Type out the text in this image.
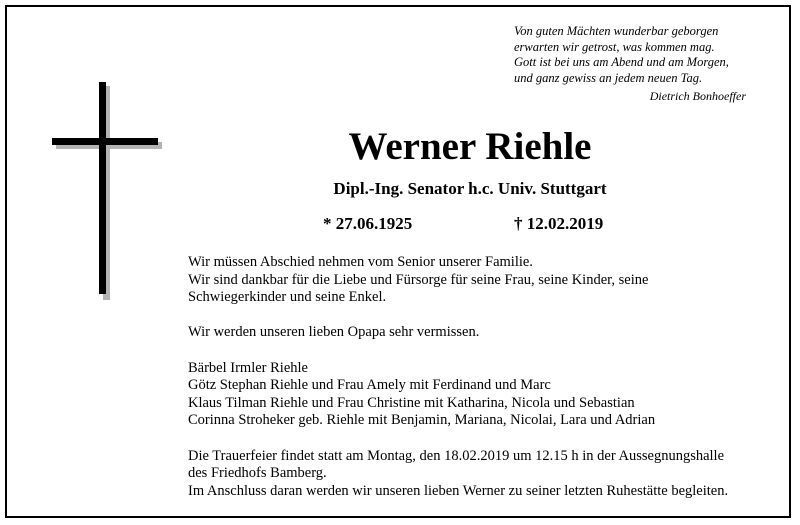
Von guten Mächten wunderbar geborgen
erwarten wir getrost, was kommen mag.
Gott ist bei uns am Abend und am Morgen,
und ganz gewiss an jedem neuen Tag.
Dietrich Bonhoeffer
Werner Riehle
Dipl.-Ing. Senator h.c. Univ. Stuttgart
* 27.06.1925	† 12.02.2019
Wir müssen Abschied nehmen vom Senior unserer Familie.
Wir sind dankbar für die Liebe und Fürsorge für seine Frau, seine Kinder, seine
Schwiegerkinder und seine Enkel.
Wir werden unseren lieben Opapa sehr vermissen.
Bärbel Irmler Riehle
Götz Stephan Riehle und Frau Amely mit Ferdinand und Marc
Klaus Tilman Riehle und Frau Christine mit Katharina, Nicola und Sebastian
Corinna Stroheker geb. Riehle mit Benjamin, Mariana, Nicolai, Lara und Adrian
Die Trauerfeier findet statt am Montag, den 18.02.2019 um 12.15 h in der Aussegnungshalle
des Friedhofs Bamberg.
Im Anschluss daran werden wir unseren lieben Werner zu seiner letzten Ruhestätte begleiten.
